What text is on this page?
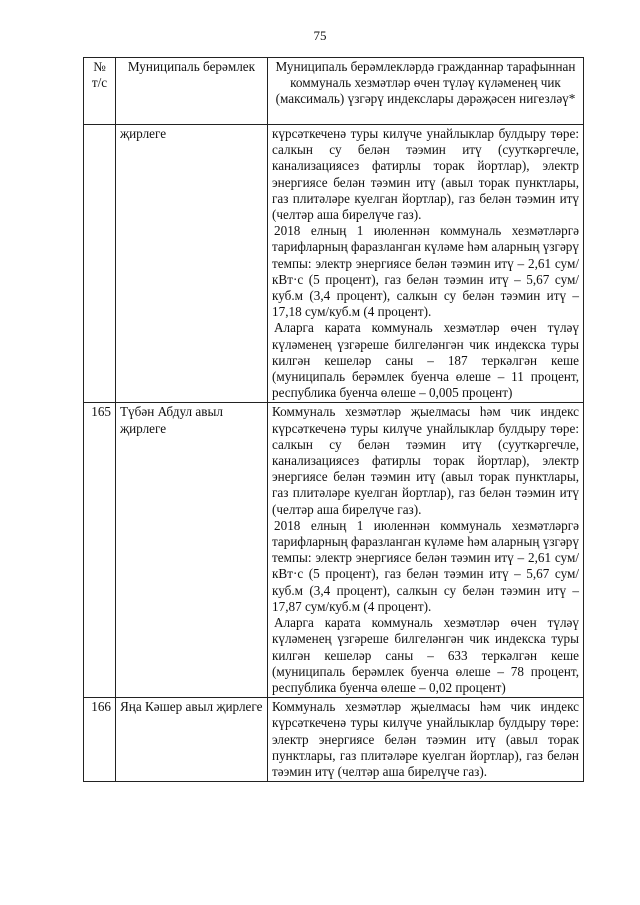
75
№ т/с	Муниципаль берәмлек	Муниципаль берәмлекләрдә гражданнар тарафыннан коммуналь хезмәтләр өчен түләү күләменең чик (максималь) үзгәрү индекслары дәрәҗәсен нигезләү*
	җирлеге	күрсәткеченә туры килүче унайлыклар булдыру төре: салкын су белән тәэмин итү (сууткәргечле, канализациясез фатирлы торак йортлар), электр энергиясе белән тәэмин итү (авыл торак пунктлары, газ плитәләре куелган йортлар), газ белән тәэмин итү (челтәр аша бирелүче газ).
2018 елның 1 июленнән коммуналь хезмәтләргә тарифларның фаразланган күләме һәм аларның үзгәрү темпы: электр энергиясе белән тәэмин итү – 2,61 сум/кВт·с (5 процент), газ белән тәэмин итү – 5,67 сум/куб.м (3,4 процент), салкын су белән тәэмин итү – 17,18 сум/куб.м (4 процент).
Аларга карата коммуналь хезмәтләр өчен түләү күләменең үзгәреше билгеләнгән чик индекска туры килгән кешеләр саны – 187 теркәлгән кеше (муниципаль берәмлек буенча өлеше – 11 процент, республика буенча өлеше – 0,005 процент)

165	Түбән Абдул авыл җирлеге	Коммуналь хезмәтләр җыелмасы һәм чик индекс күрсәткеченә туры килүче унайлыклар булдыру төре: салкын су белән тәэмин итү (сууткәргечле, канализациясез фатирлы торак йортлар), электр энергиясе белән тәэмин итү (авыл торак пунктлары, газ плитәләре куелган йортлар), газ белән тәэмин итү (челтәр аша бирелүче газ).
2018 елның 1 июленнән коммуналь хезмәтләргә тарифларның фаразланган күләме һәм аларның үзгәрү темпы: электр энергиясе белән тәэмин итү – 2,61 сум/кВт·с (5 процент), газ белән тәэмин итү – 5,67 сум/куб.м (3,4 процент), салкын су белән тәэмин итү – 17,87 сум/куб.м (4 процент).
Аларга карата коммуналь хезмәтләр өчен түләү күләменең үзгәреше билгеләнгән чик индекска туры килгән кешеләр саны – 633 теркәлгән кеше (муниципаль берәмлек буенча өлеше – 78 процент, республика буенча өлеше – 0,02 процент)

166	Яңа Кәшер авыл җирлеге	Коммуналь хезмәтләр җыелмасы һәм чик индекс күрсәткеченә туры килүче унайлыклар булдыру төре: электр энергиясе белән тәэмин итү (авыл торак пунктлары, газ плитәләре куелган йортлар), газ белән тәэмин итү (челтәр аша бирелүче газ).
